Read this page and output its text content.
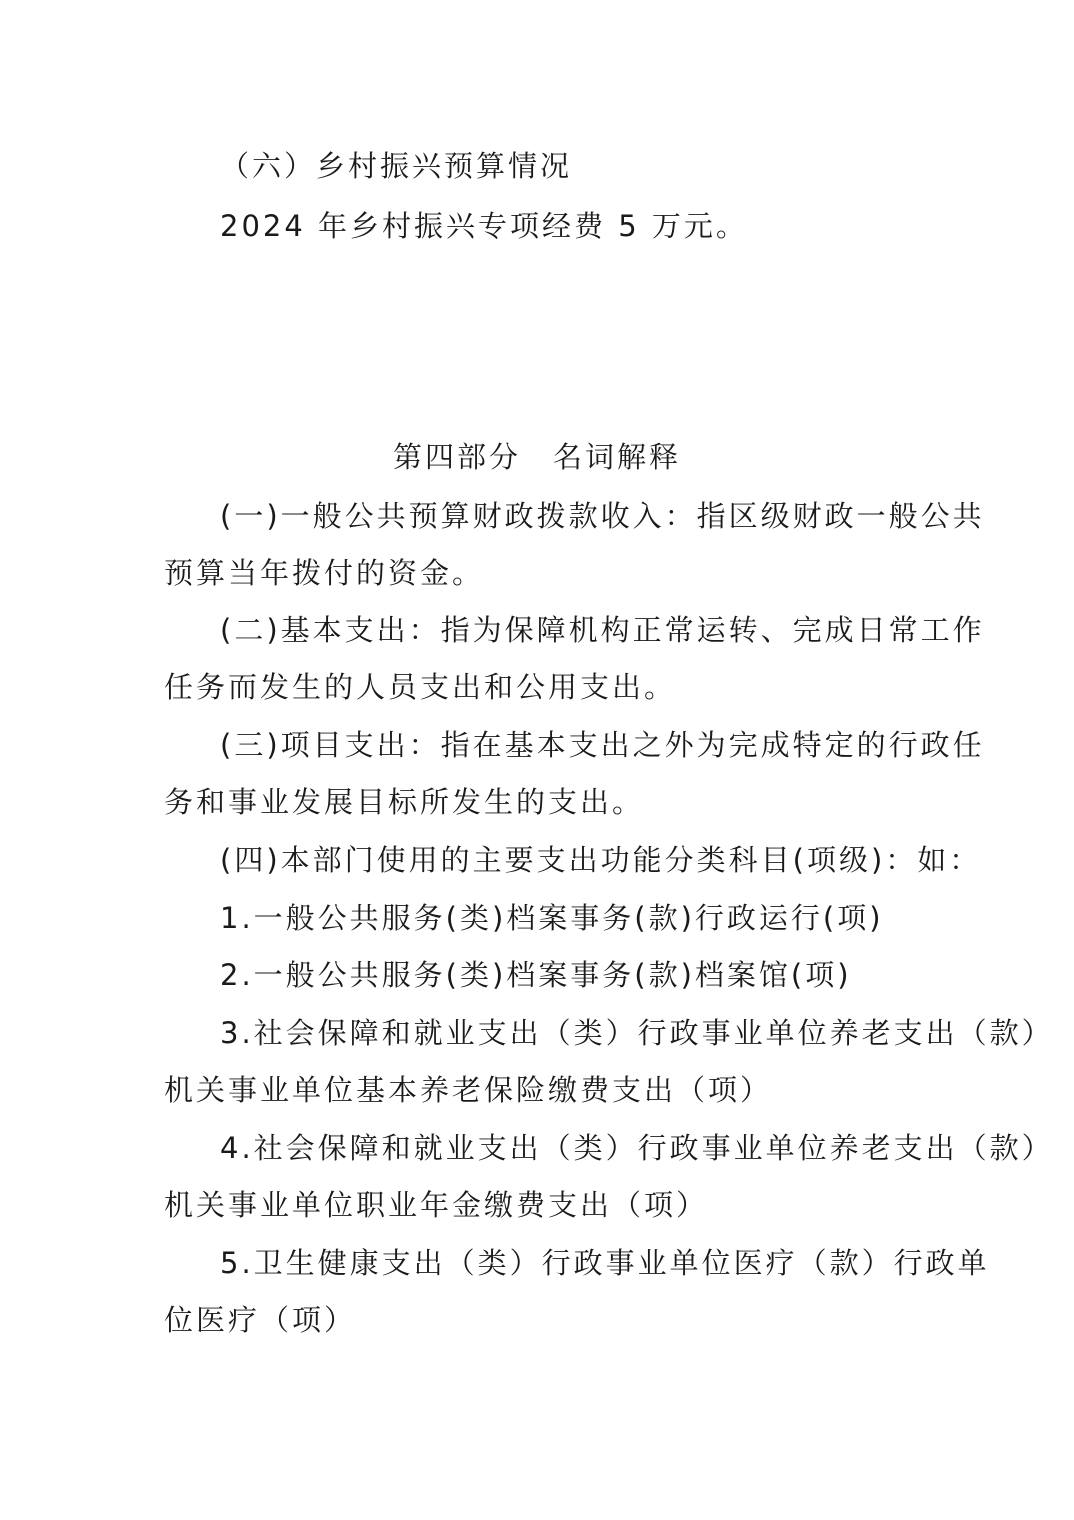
（六）乡村振兴预算情况
2024 年乡村振兴专项经费 5 万元。
第四部分　名词解释
(一)一般公共预算财政拨款收入：指区级财政一般公共
预算当年拨付的资金。
(二)基本支出：指为保障机构正常运转、完成日常工作
任务而发生的人员支出和公用支出。
(三)项目支出：指在基本支出之外为完成特定的行政任
务和事业发展目标所发生的支出。
(四)本部门使用的主要支出功能分类科目(项级)：如：
1.一般公共服务(类)档案事务(款)行政运行(项)
2.一般公共服务(类)档案事务(款)档案馆(项)
3.社会保障和就业支出（类）行政事业单位养老支出（款）
机关事业单位基本养老保险缴费支出（项）
4.社会保障和就业支出（类）行政事业单位养老支出（款）
机关事业单位职业年金缴费支出（项）
5.卫生健康支出（类）行政事业单位医疗（款）行政单
位医疗（项）
